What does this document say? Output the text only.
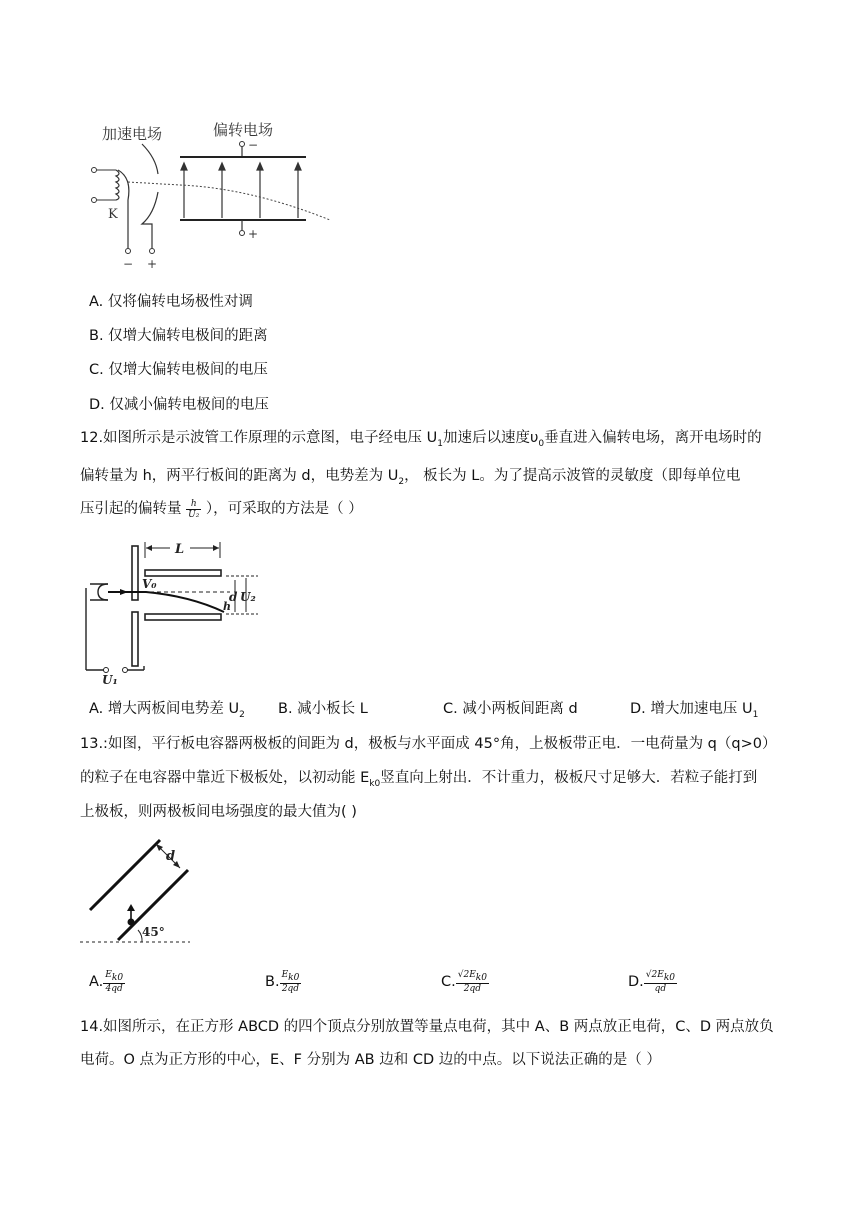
加速电场	偏转电场
−
+
K
− +
A. 仅将偏转电场极性对调
B. 仅增大偏转电极间的距离
C. 仅增大偏转电极间的电压
D. 仅减小偏转电极间的电压
12.如图所示是示波管工作原理的示意图，电子经电压 $U_1$加速后以速度$\upsilon_0$垂直进入偏转电场，离开电场时的
偏转量为 h，两平行板间的距离为 d，电势差为 $U_2$， 板长为 L。为了提高示波管的灵敏度（即每单位电
压引起的偏转量 $\frac{h}{\text{U₂}}$ ），可采取的方法是（ ）
L
V₀
d
h
U₂
U₁
A. 增大两板间电势差 $U_2$ B. 减小板长 L	C. 减小两板间距离 d	D. 增大加速电压 $U_1$
13.:如图，平行板电容器两极板的间距为 d，极板与水平面成 45°角，上极板带正电．一电荷量为 q（q>0）
的粒子在电容器中靠近下极板处，以初动能 $E_{k0}$竖直向上射出．不计重力，极板尺寸足够大．若粒子能打到
上极板，则两极板间电场强度的最大值为( )
d
45°
A. $\frac{E_{k0}}{4qd}$	B. $\frac{E_{k0}}{2qd}$	C. $\frac{√2E_{k0}}{2qd}$	D. $\frac{√2E_{k0}}{qd}$
14.如图所示，在正方形 ABCD 的四个顶点分别放置等量点电荷，其中 A、B 两点放正电荷，C、D 两点放负
电荷。O 点为正方形的中心，E、F 分别为 AB 边和 CD 边的中点。以下说法正确的是（ ）
